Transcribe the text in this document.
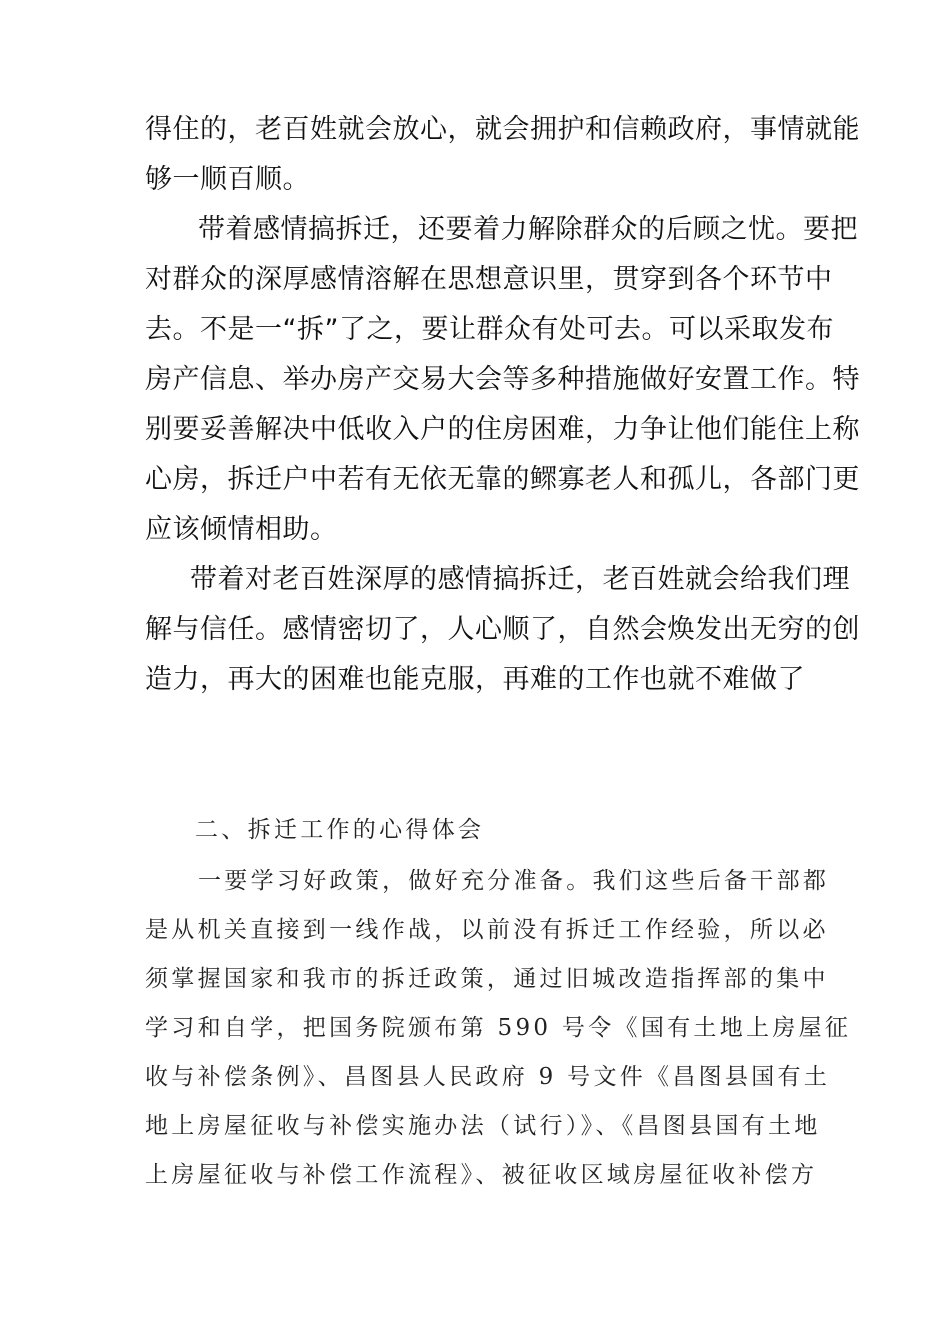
得住的，老百姓就会放心，就会拥护和信赖政府，事情就能
够一顺百顺。
带着感情搞拆迁，还要着力解除群众的后顾之忧。要把
对群众的深厚感情溶解在思想意识里，贯穿到各个环节中
去。不是一“拆”了之，要让群众有处可去。可以采取发布
房产信息、举办房产交易大会等多种措施做好安置工作。特
别要妥善解决中低收入户的住房困难，力争让他们能住上称
心房，拆迁户中若有无依无靠的鳏寡老人和孤儿，各部门更
应该倾情相助。
带着对老百姓深厚的感情搞拆迁，老百姓就会给我们理
解与信任。感情密切了，人心顺了，自然会焕发出无穷的创
造力，再大的困难也能克服，再难的工作也就不难做了
二、拆迁工作的心得体会
一要学习好政策，做好充分准备。我们这些后备干部都
是从机关直接到一线作战，以前没有拆迁工作经验，所以必
须掌握国家和我市的拆迁政策，通过旧城改造指挥部的集中
学习和自学，把国务院颁布第 590 号令《国有土地上房屋征
收与补偿条例》、昌图县人民政府 9 号文件《昌图县国有土
地上房屋征收与补偿实施办法（试行）》、《昌图县国有土地
上房屋征收与补偿工作流程》、被征收区域房屋征收补偿方
